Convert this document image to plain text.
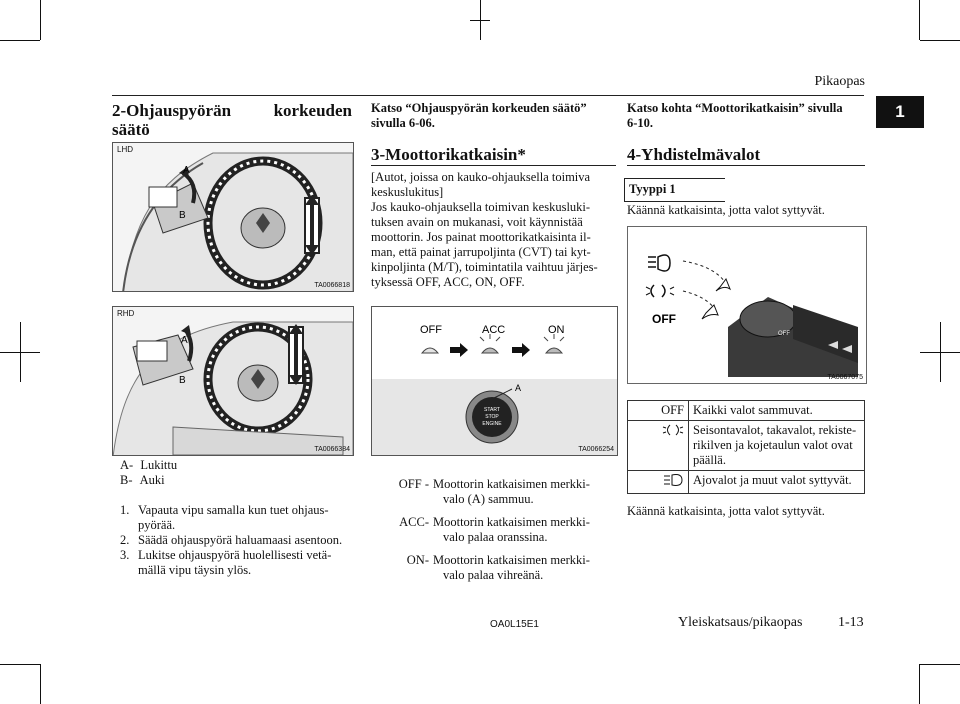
Pikaopas
1
2-Ohjauspyörän	korkeuden

säätö
LHD
A
B
TA0066818
RHD
A
B
TA0066384
A- Lukittu
B- Auki
1. Vapauta vipu samalla kun tuet ohjaus-
pyörää.
2. Säädä ohjauspyörä haluamaasi asentoon.
3. Lukitse ohjauspyörä huolellisesti vetä-
mällä vipu täysin ylös.
Katso “Ohjauspyörän korkeuden säätö”
sivulla 6-06.
3-Moottorikatkaisin*
[Autot, joissa on kauko-ohjauksella toimiva
keskuslukitus]
Jos kauko-ohjauksella toimivan keskusluki-
tuksen avain on mukanasi, voit käynnistää
moottorin. Jos painat moottorikatkaisinta il-
man, että painat jarrupoljinta (CVT) tai kyt-
kinpoljinta (M/T), toimintatila vaihtuu järjes-
tyksessä OFF, ACC, ON, OFF.
OFF	ACC	ON
START
STOP
ENGINE
A
TA0066254
OFF - Moottorin katkaisimen merkki-
valo (A) sammuu.
ACC- Moottorin katkaisimen merkki-
valo palaa oranssina.
ON- Moottorin katkaisimen merkki-
valo palaa vihreänä.
Katso kohta “Moottorikatkaisin” sivulla
6-10.
4-Yhdistelmävalot
Tyyppi 1
Käännä katkaisinta, jotta valot syttyvät.
OFF
OFF
TA0067075
OFF	Kaikki valot sammuvat.
	Seisontavalot, takavalot, rekiste-
rikilven ja kojetaulun valot ovat
päällä.
	Ajovalot ja muut valot syttyvät.
Käännä katkaisinta, jotta valot syttyvät.
OA0L15E1	Yleiskatsaus/pikaopas	1-13
